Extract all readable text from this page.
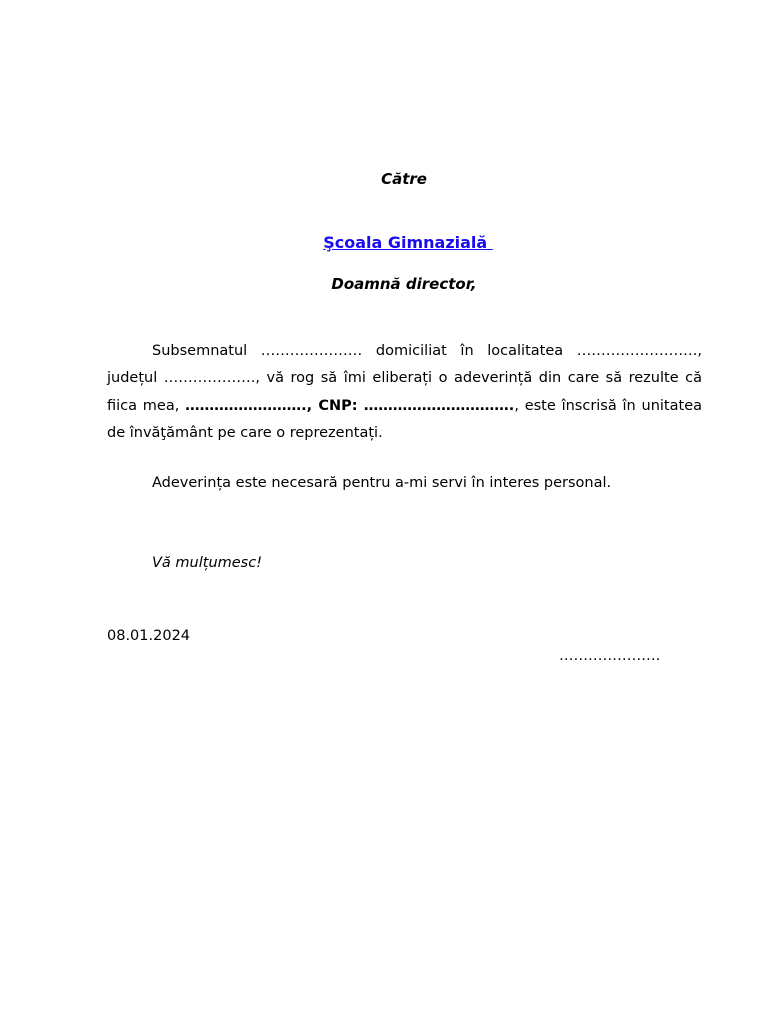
Către
Şcoala Gimnazială
Doamnă director,

Subsemnatul ………………… domiciliat în localitatea ……………………., județul ………………., vă rog să îmi eliberați o adeverință din care să rezulte că fiica mea, ……………………., CNP: …………………………., este înscrisă în unitatea de învăţământ pe care o reprezentați.

Adeverința este necesară pentru a-mi servi în interes personal.

Vă mulțumesc!

08.01.2024

…………………
